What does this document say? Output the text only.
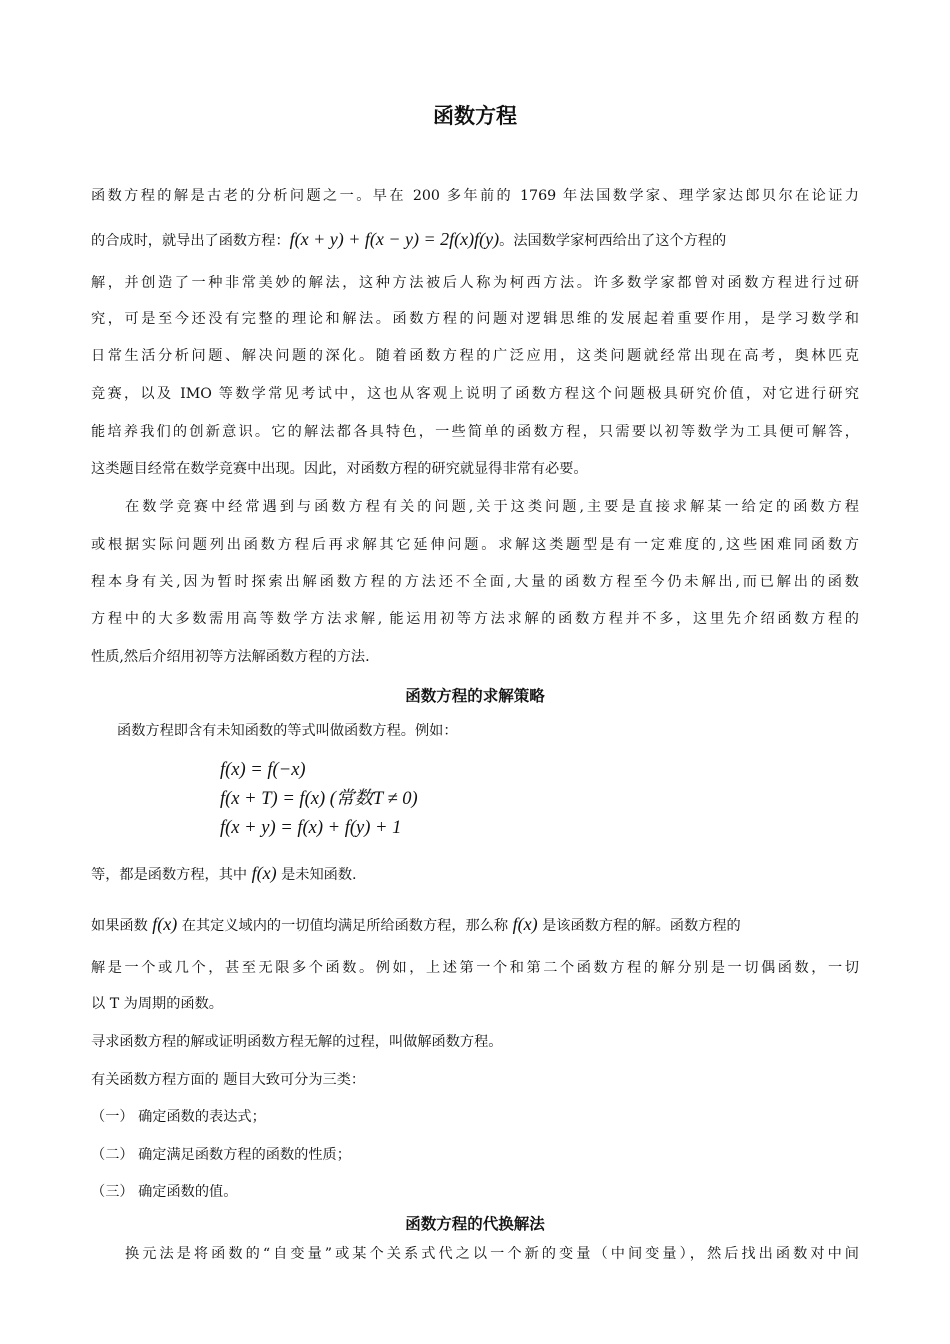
函数方程
函数方程的解是古老的分析问题之一。早在 200 多年前的 1769 年法国数学家、理学家达郎贝尔在论证力
的合成时，就导出了函数方程：f(x + y) + f(x − y) = 2f(x)f(y)。法国数学家柯西给出了这个方程的
解，并创造了一种非常美妙的解法，这种方法被后人称为柯西方法。许多数学家都曾对函数方程进行过研
究，可是至今还没有完整的理论和解法。函数方程的问题对逻辑思维的发展起着重要作用，是学习数学和
日常生活分析问题、解决问题的深化。随着函数方程的广泛应用，这类问题就经常出现在高考，奥林匹克
竞赛，以及 IMO 等数学常见考试中，这也从客观上说明了函数方程这个问题极具研究价值，对它进行研究
能培养我们的创新意识。它的解法都各具特色，一些简单的函数方程，只需要以初等数学为工具便可解答，
这类题目经常在数学竞赛中出现。因此，对函数方程的研究就显得非常有必要。
在数学竞赛中经常遇到与函数方程有关的问题,关于这类问题,主要是直接求解某一给定的函数方程
或根据实际问题列出函数方程后再求解其它延伸问题。求解这类题型是有一定难度的,这些困难同函数方
程本身有关,因为暂时探索出解函数方程的方法还不全面,大量的函数方程至今仍未解出,而已解出的函数
方程中的大多数需用高等数学方法求解, 能运用初等方法求解的函数方程并不多，这里先介绍函数方程的
性质,然后介绍用初等方法解函数方程的方法.
函数方程的求解策略
函数方程即含有未知函数的等式叫做函数方程。例如：
f(x) = f(−x)
f(x + T) = f(x) (常数T ≠ 0)
f(x + y) = f(x) + f(y) + 1
等，都是函数方程，其中 f(x) 是未知函数.
如果函数 f(x) 在其定义域内的一切值均满足所给函数方程，那么称 f(x) 是该函数方程的解。函数方程的
解是一个或几个，甚至无限多个函数。例如，上述第一个和第二个函数方程的解分别是一切偶函数，一切
以 T 为周期的函数。
寻求函数方程的解或证明函数方程无解的过程，叫做解函数方程。
有关函数方程方面的 题目大致可分为三类：
（一） 确定函数的表达式；
（二） 确定满足函数方程的函数的性质；
（三） 确定函数的值。
函数方程的代换解法
换元法是将函数的“自变量”或某个关系式代之以一个新的变量（中间变量），然后找出函数对中间
